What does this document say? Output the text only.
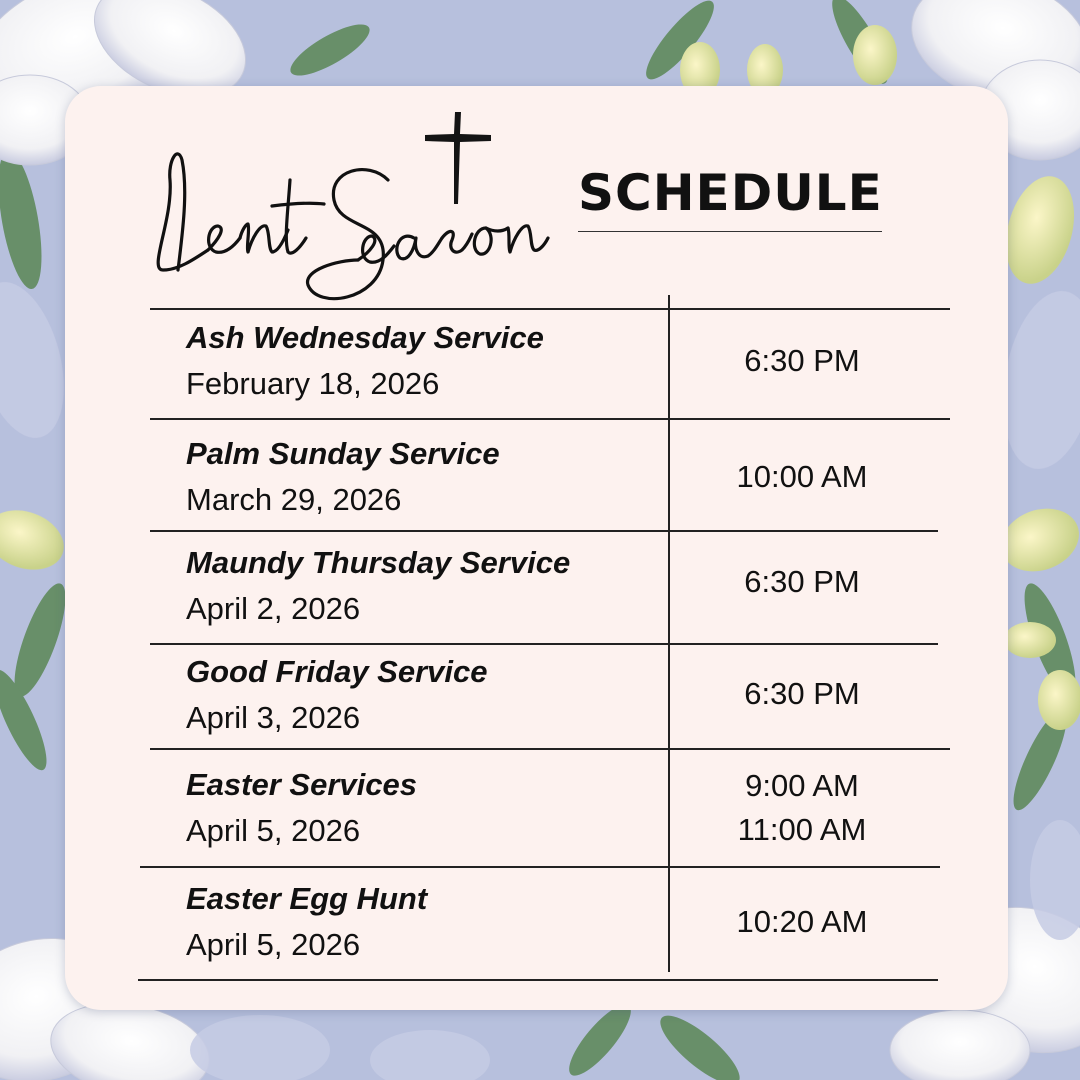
SCHEDULE
Ash Wednesday Service
February 18, 2026
6:30 PM
Palm Sunday Service
March 29, 2026
10:00 AM
Maundy Thursday Service
April 2, 2026
6:30 PM
Good Friday Service
April 3, 2026
6:30 PM
Easter Services
April 5, 2026
9:00 AM
11:00 AM
Easter Egg Hunt
April 5, 2026
10:20 AM
